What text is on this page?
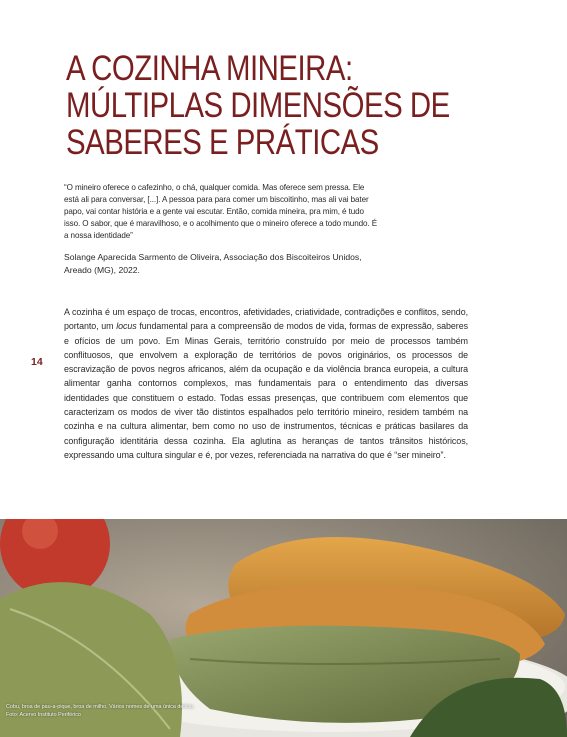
A COZINHA MINEIRA:
MÚLTIPLAS DIMENSÕES DE
SABERES E PRÁTICAS

“O mineiro oferece o cafezinho, o chá, qualquer comida. Mas oferece sem pressa. Ele está ali para conversar, [...]. A pessoa para para comer um biscoitinho, mas ali vai bater papo, vai contar história e a gente vai escutar. Então, comida mineira, pra mim, é tudo isso. O sabor, que é maravilhoso, e o acolhimento que o mineiro oferece a todo mundo. É a nossa identidade”

Solange Aparecida Sarmento de Oliveira, Associação dos Biscoiteiros Unidos, Areado (MG), 2022.

14

A cozinha é um espaço de trocas, encontros, afetividades, criatividade, contradições e conflitos, sendo, portanto, um locus fundamental para a compreensão de modos de vida, formas de expressão, saberes e ofícios de um povo. Em Minas Gerais, território construído por meio de processos também conflituosos, que envolvem a exploração de territórios de povos originários, os processos de escravização de povos negros africanos, além da ocupação e da violência branca europeia, a cultura alimentar ganha contornos complexos, mas fundamentais para o entendimento das diversas identidades que constituem o estado. Todas essas presenças, que contribuem com elementos que caracterizam os modos de viver tão distintos espalhados pelo território mineiro, residem também na cozinha e na cultura alimentar, bem como no uso de instrumentos, técnicas e práticas basilares da configuração identitária dessa cozinha. Ela aglutina as heranças de tantos trânsitos históricos, expressando uma cultura singular e é, por vezes, referenciada na narrativa do que é “ser mineiro”.

Cobu, broa de pau-a-pique, broa de milho. Vários nomes de uma única delícia. Foto: Acervo Instituto Periférico
